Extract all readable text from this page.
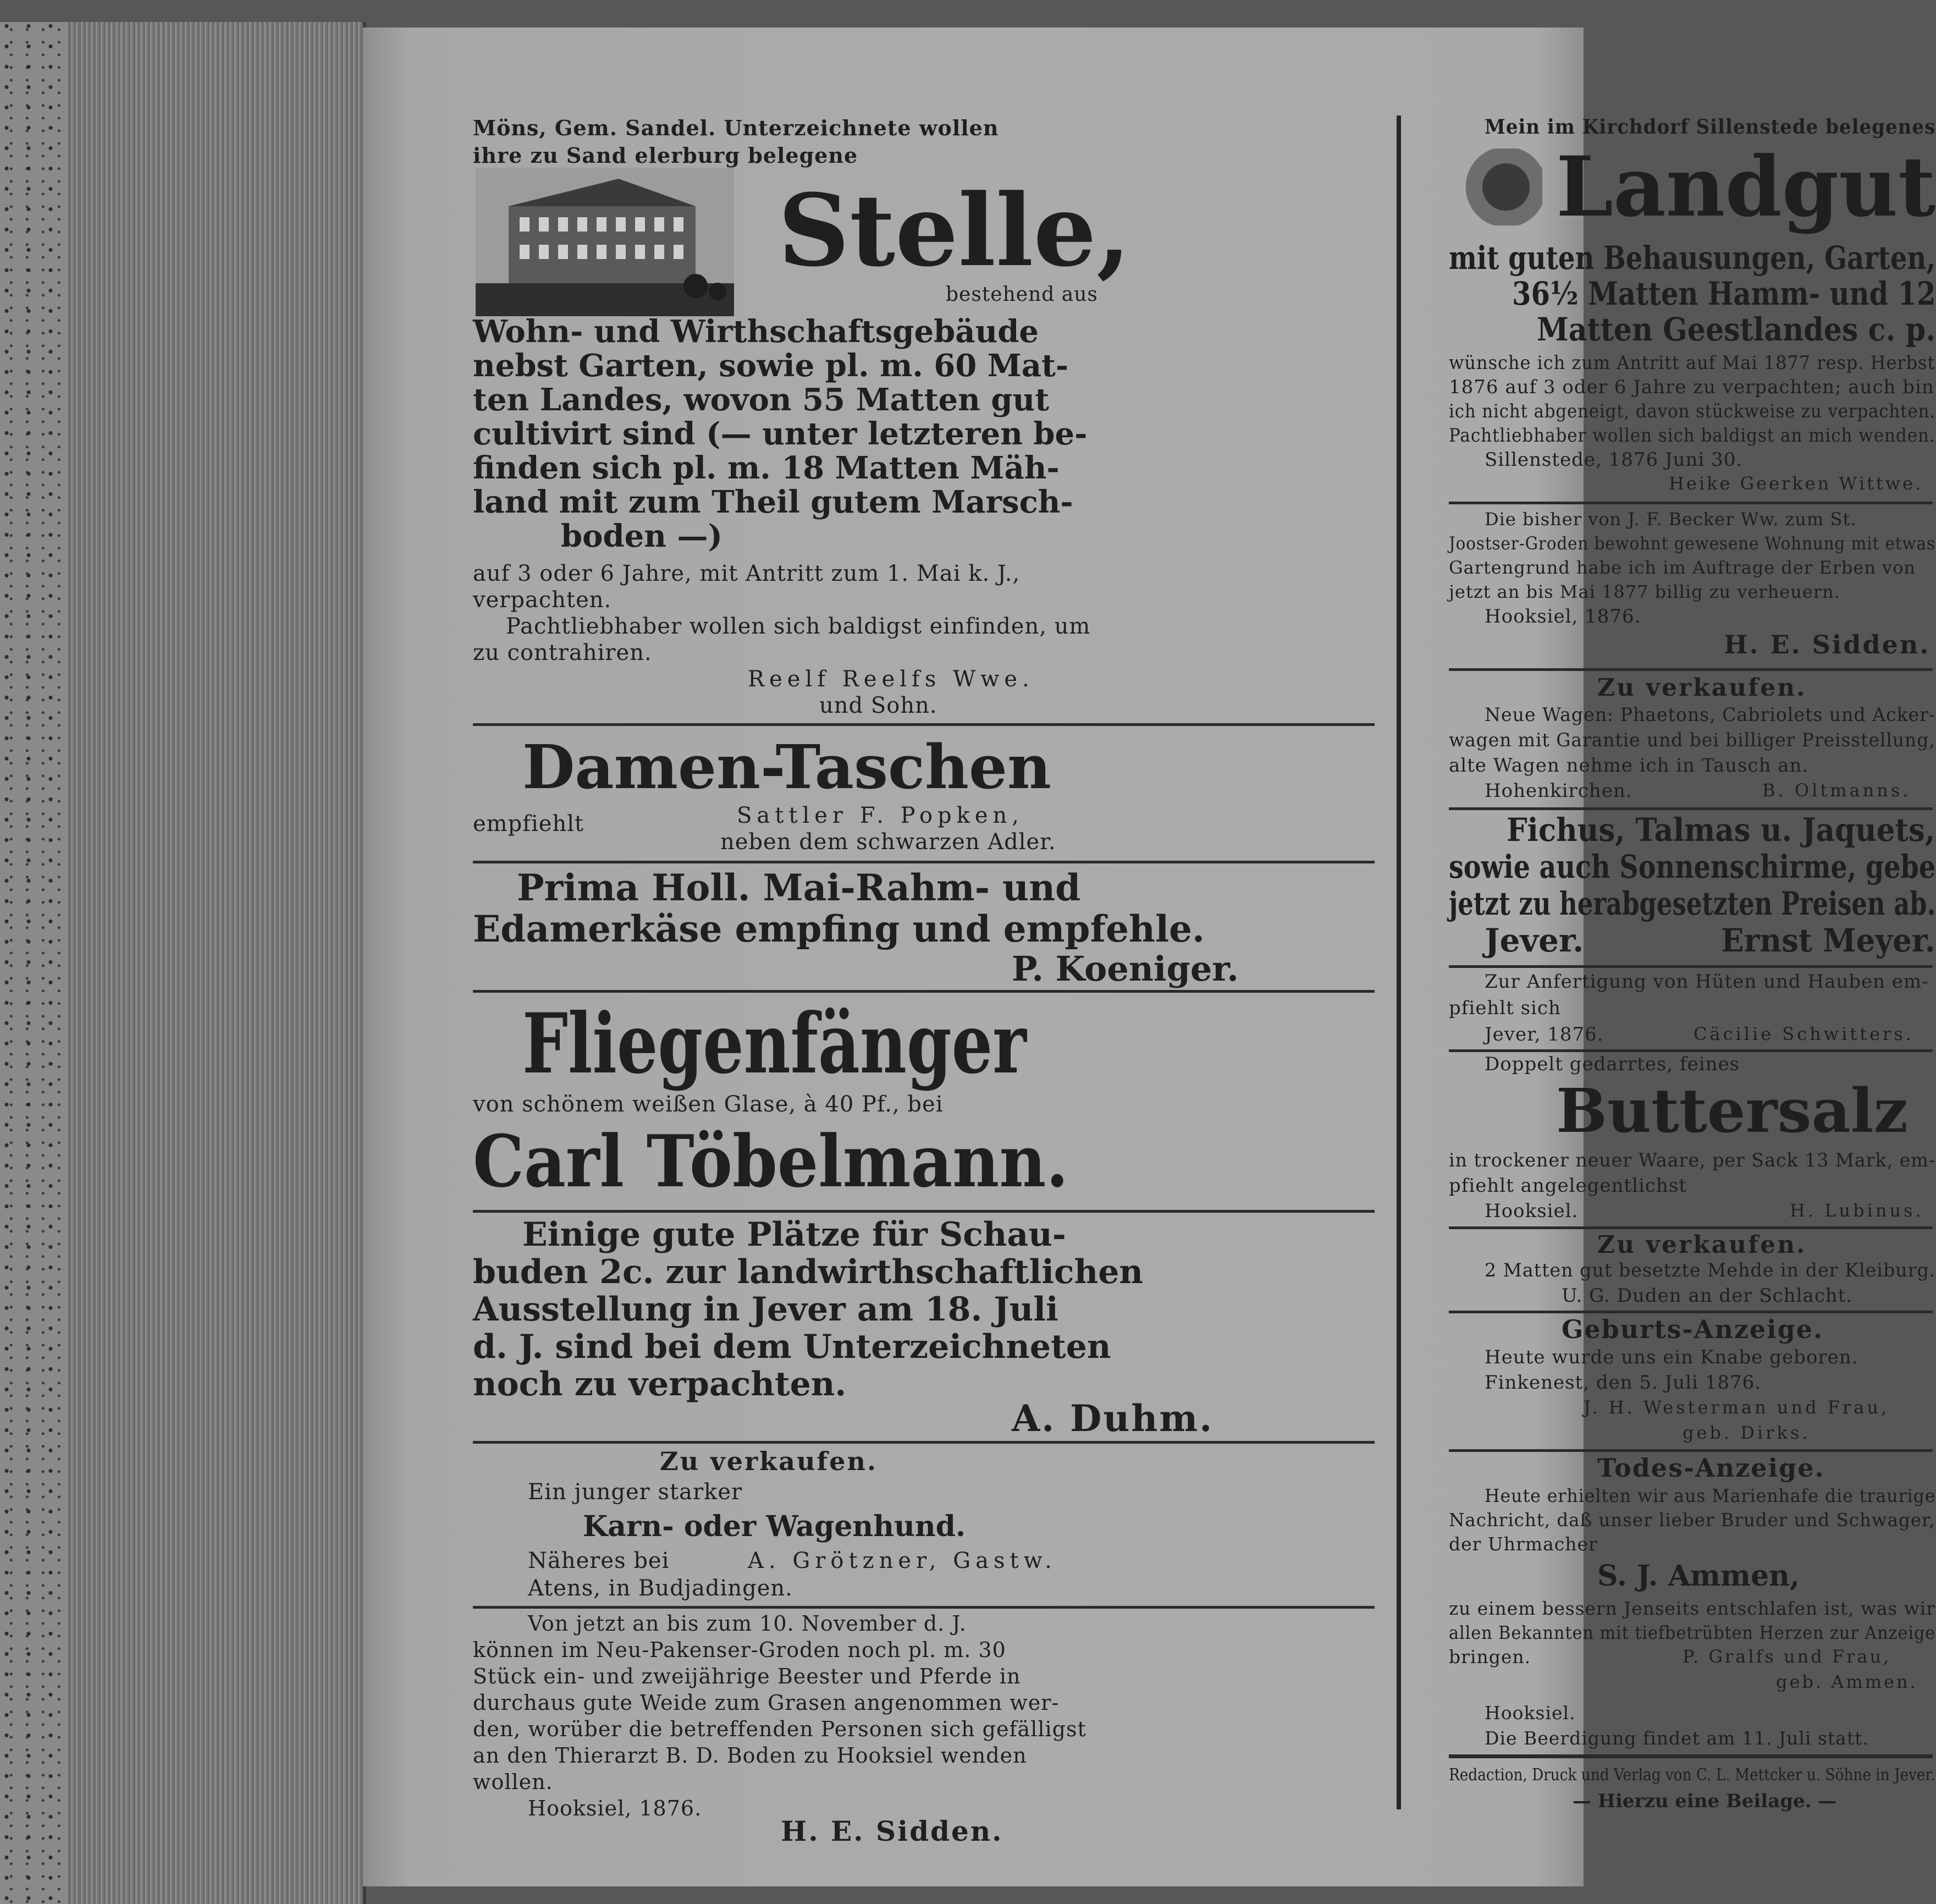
Möns, Gem. Sandel. Unterzeichnete wollen
ihre zu Sand elerburg belegene
Stelle,
bestehend aus
Wohn- und Wirthschaftsgebäude
nebst Garten, sowie pl. m. 60 Mat-
ten Landes, wovon 55 Matten gut
cultivirt sind (— unter letzteren be-
finden sich pl. m. 18 Matten Mäh-
land mit zum Theil gutem Marsch-
boden —)
auf 3 oder 6 Jahre, mit Antritt zum 1. Mai k. J.,
verpachten.
Pachtliebhaber wollen sich baldigst einfinden, um
zu contrahiren.
Reelf Reelfs Wwe.
und Sohn.
Damen-Taschen
empfiehlt	Sattler F. Popken,
neben dem schwarzen Adler.
Prima Holl. Mai-Rahm- und
Edamerkäse empfing und empfehle.
P. Koeniger.
Fliegenfänger
von schönem weißen Glase, à 40 Pf., bei
Carl Töbelmann.
Einige gute Plätze für Schau-
buden 2c. zur landwirthschaftlichen
Ausstellung in Jever am 18. Juli
d. J. sind bei dem Unterzeichneten
noch zu verpachten.
A. Duhm.
Zu verkaufen.
Ein junger starker
Karn- oder Wagenhund.
Näheres bei	A. Grötzner, Gastw.
Atens, in Budjadingen.
Von jetzt an bis zum 10. November d. J.
können im Neu-Pakenser-Groden noch pl. m. 30
Stück ein- und zweijährige Beester und Pferde in
durchaus gute Weide zum Grasen angenommen wer-
den, worüber die betreffenden Personen sich gefälligst
an den Thierarzt B. D. Boden zu Hooksiel wenden
wollen.
Hooksiel, 1876.
H. E. Sidden.
Mein im Kirchdorf Sillenstede belegenes
Landgut
mit guten Behausungen, Garten,
36½ Matten Hamm- und 12
Matten Geestlandes c. p.
wünsche ich zum Antritt auf Mai 1877 resp. Herbst
1876 auf 3 oder 6 Jahre zu verpachten; auch bin
ich nicht abgeneigt, davon stückweise zu verpachten.
Pachtliebhaber wollen sich baldigst an mich wenden.
Sillenstede, 1876 Juni 30.
Heike Geerken Wittwe.
Die bisher von J. F. Becker Ww. zum St.
Joostser-Groden bewohnt gewesene Wohnung mit etwas
Gartengrund habe ich im Auftrage der Erben von
jetzt an bis Mai 1877 billig zu verheuern.
Hooksiel, 1876.
H. E. Sidden.
Zu verkaufen.
Neue Wagen: Phaetons, Cabriolets und Acker-
wagen mit Garantie und bei billiger Preisstellung,
alte Wagen nehme ich in Tausch an.
Hohenkirchen.	B. Oltmanns.
Fichus, Talmas u. Jaquets,
sowie auch Sonnenschirme, gebe
jetzt zu herabgesetzten Preisen ab.
Jever.	Ernst Meyer.
Zur Anfertigung von Hüten und Hauben em-
pfiehlt sich
Jever, 1876.	Cäcilie Schwitters.
Doppelt gedarrtes, feines
Buttersalz
in trockener neuer Waare, per Sack 13 Mark, em-
pfiehlt angelegentlichst
Hooksiel.	H. Lubinus.
Zu verkaufen.
2 Matten gut besetzte Mehde in der Kleiburg.
U. G. Duden an der Schlacht.
Geburts-Anzeige.
Heute wurde uns ein Knabe geboren.
Finkenest, den 5. Juli 1876.
J. H. Westerman und Frau,
geb. Dirks.
Todes-Anzeige.
Heute erhielten wir aus Marienhafe die traurige
Nachricht, daß unser lieber Bruder und Schwager,
der Uhrmacher
S. J. Ammen,
zu einem bessern Jenseits entschlafen ist, was wir
allen Bekannten mit tiefbetrübten Herzen zur Anzeige
bringen.	P. Gralfs und Frau,
geb. Ammen.
Hooksiel.
Die Beerdigung findet am 11. Juli statt.
Redaction, Druck und Verlag von C. L. Mettcker u. Söhne in Jever.
— Hierzu eine Beilage. —
